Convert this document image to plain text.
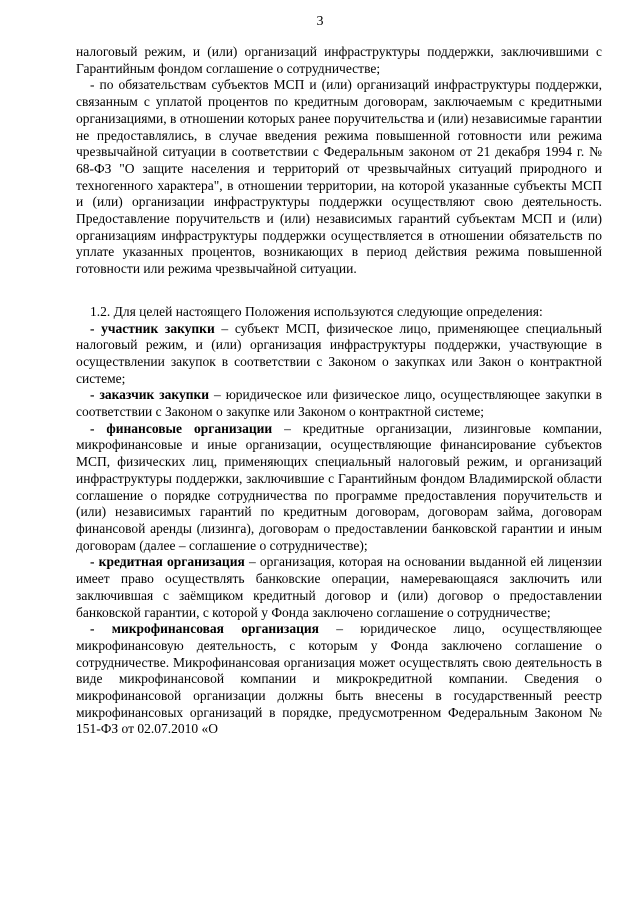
3

налоговый режим, и (или) организаций инфраструктуры поддержки, заключившими с Гарантийным фондом соглашение о сотрудничестве;

- по обязательствам субъектов МСП и (или) организаций инфраструктуры поддержки, связанным с уплатой процентов по кредитным договорам, заключаемым с кредитными организациями, в отношении которых ранее поручительства и (или) независимые гарантии не предоставлялись, в случае введения режима повышенной готовности или режима чрезвычайной ситуации в соответствии с Федеральным законом от 21 декабря 1994 г. № 68-ФЗ "О защите населения и территорий от чрезвычайных ситуаций природного и техногенного характера", в отношении территории, на которой указанные субъекты МСП и (или) организации инфраструктуры поддержки осуществляют свою деятельность. Предоставление поручительств и (или) независимых гарантий субъектам МСП и (или) организациям инфраструктуры поддержки осуществляется в отношении обязательств по уплате указанных процентов, возникающих в период действия режима повышенной готовности или режима чрезвычайной ситуации.

1.2. Для целей настоящего Положения используются следующие определения:

- участник закупки – субъект МСП, физическое лицо, применяющее специальный налоговый режим, и (или) организация инфраструктуры поддержки, участвующие в осуществлении закупок в соответствии с Законом о закупках или Закон о контрактной системе;

- заказчик закупки – юридическое или физическое лицо, осуществляющее закупки в соответствии с Законом о закупке или Законом о контрактной системе;

- финансовые организации – кредитные организации, лизинговые компании, микрофинансовые и иные организации, осуществляющие финансирование субъектов МСП, физических лиц, применяющих специальный налоговый режим, и организаций инфраструктуры поддержки, заключившие с Гарантийным фондом Владимирской области соглашение о порядке сотрудничества по программе предоставления поручительств и (или) независимых гарантий по кредитным договорам, договорам займа, договорам финансовой аренды (лизинга), договорам о предоставлении банковской гарантии и иным договорам (далее – соглашение о сотрудничестве);

- кредитная организация – организация, которая на основании выданной ей лицензии имеет право осуществлять банковские операции, намеревающаяся заключить или заключившая с заёмщиком кредитный договор и (или) договор о предоставлении банковской гарантии, с которой у Фонда заключено соглашение о сотрудничестве;

- микрофинансовая организация – юридическое лицо, осуществляющее микрофинансовую деятельность, с которым у Фонда заключено соглашение о сотрудничестве. Микрофинансовая организация может осуществлять свою деятельность в виде микрофинансовой компании и микрокредитной компании. Сведения о микрофинансовой организации должны быть внесены в государственный реестр микрофинансовых организаций в порядке, предусмотренном Федеральным Законом № 151-ФЗ от 02.07.2010 «О
